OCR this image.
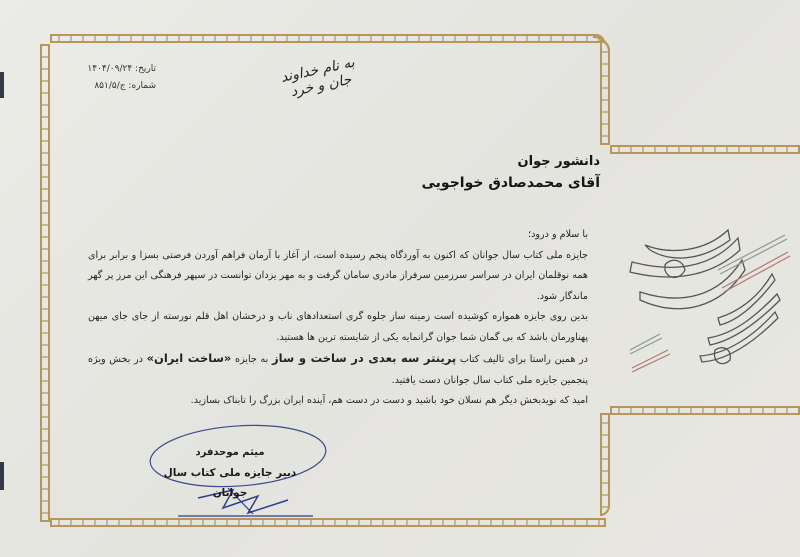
تاریخ: ۱۴۰۴/۰۹/۲۴
شماره: ج/۸۵۱/۵
به نام خداوند جان و خرد
دانشور جوان
آقای محمدصادق خواجویی

با سلام و درود؛

جایزه ملی کتاب سال جوانان که اکنون به آوردگاه پنجم رسیده است، از آغاز با آرمان فراهم آوردن فرصتی بسزا و برابر برای همه نوقلمان ایران در سراسر سرزمین سرفراز مادری سامان گرفت و به مهر یزدان توانست در سپهر فرهنگی این مرز پر گهر ماندگار شود.

بدین روی جایزه همواره کوشیده است زمینه ساز جلوه گری استعدادهای ناب و درخشان اهل قلم نورسته از جای جای میهن پهناورمان باشد که بی گمان شما جوان گرانمایه یکی از شایسته ترین ها هستید.

در همین راستا برای تالیف کتاب پرینتر سه بعدی در ساخت و ساز به جایزه «ساخت ایران» در بخش ویژه پنجمین جایزه ملی کتاب سال جوانان دست یافتید.

امید که نویدبخش دیگر هم نسلان خود باشید و دست در دست هم، آینده ایران بزرگ را تابناک بسازید.

میثم موحدفرد
دبیر جایزه ملی کتاب سال جوانان
